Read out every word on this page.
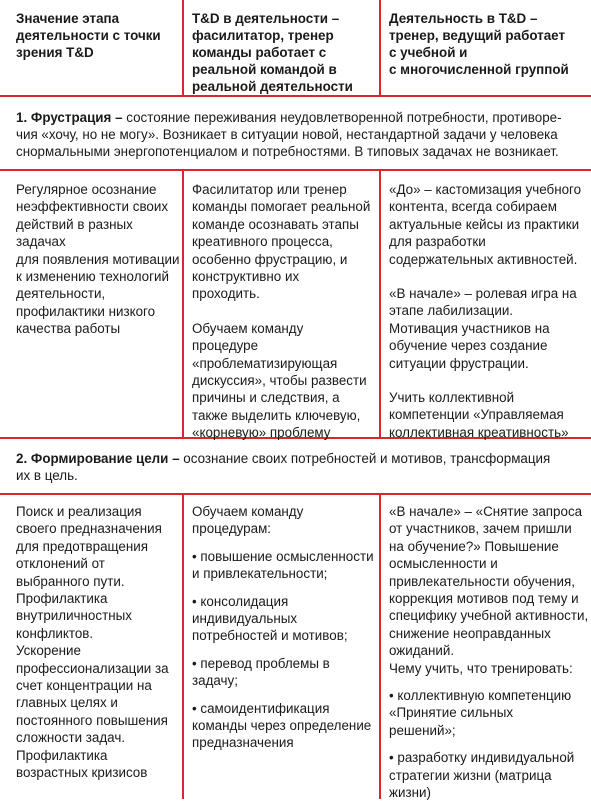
Значение этапа

деятельности с точки

зрения T&D

T&D в деятельности –

фасилитатор, тренер

команды работает с

реальной командой в

реальной деятельности

Деятельность в T&D –

тренер, ведущий работает

с учебной и

с многочисленной группой

1. Фрустрация – состояние переживания неудовлетворенной потребности, противоре-

чия «хочу, но не могу». Возникает в ситуации новой, нестандартной задачи у человека

снормальными энергопотенциалом и потребностями. В типовых задачах не возникает.

Регулярное осознание

неэффективности своих

действий в разных задачах

для появления мотивации

к изменению технологий

деятельности,

профилактики низкого

качества работы

Фасилитатор или тренер

команды помогает реальной

команде осознавать этапы

креативного процесса,

особенно фрустрацию, и

конструктивно их

проходить.

Обучаем команду

процедуре

«проблематизирующая

дискуссия», чтобы развести

причины и следствия, а

также выделить ключевую,

«корневую» проблему

«До» – кастомизация учебного

контента, всегда собираем

актуальные кейсы из практики

для разработки

содержательных активностей.

«В начале» – ролевая игра на

этапе лабилизации.

Мотивация участников на

обучение через создание

ситуации фрустрации.

Учить коллективной

компетенции «Управляемая

коллективная креативность»

2. Формирование цели – осознание своих потребностей и мотивов, трансформация

их в цель.

Поиск и реализация

своего предназначения

для предотвращения

отклонений от

выбранного пути.

Профилактика

внутриличностных

конфликтов.

Ускорение

профессионализации за

счет концентрации на

главных целях и

постоянного повышения

сложности задач.

Профилактика

возрастных кризисов

Обучаем команду

процедурам:

• повышение осмысленности

и привлекательности;

• консолидация

индивидуальных

потребностей и мотивов;

• перевод проблемы в

задачу;

• самоидентификация

команды через определение

предназначения

«В начале» – «Снятие запроса

от участников, зачем пришли

на обучение?» Повышение

осмысленности и

привлекательности обучения,

коррекция мотивов под тему и

специфику учебной активности,

снижение неоправданных

ожиданий.

Чему учить, что тренировать:

• коллективную компетенцию

«Принятие сильных

решений»;

• разработку индивидуальной

стратегии жизни (матрица

жизни)
